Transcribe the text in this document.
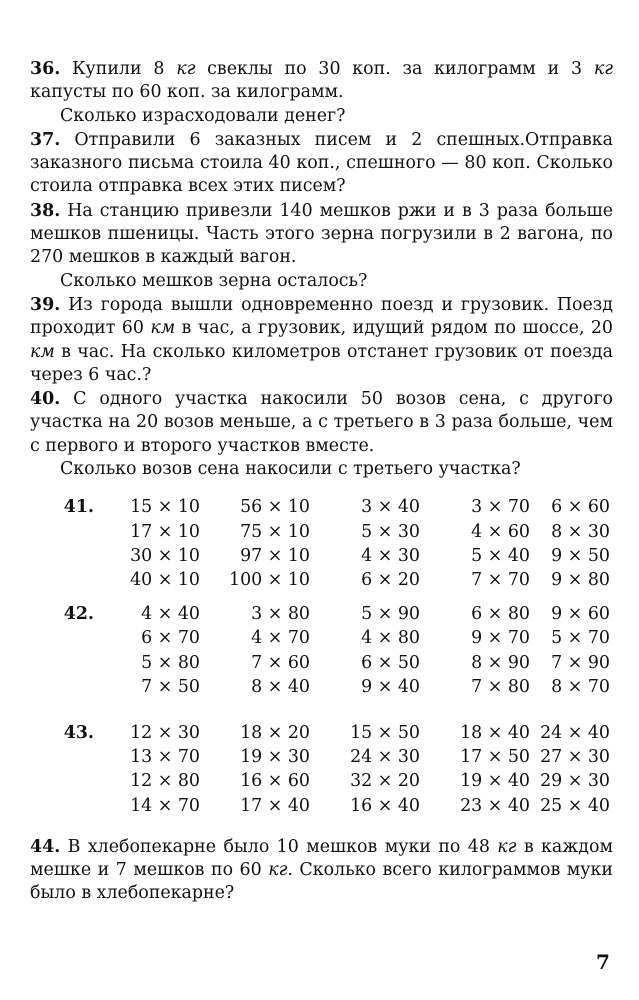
36. Купили 8 кг свеклы по 30 коп. за килограмм и 3 кг капусты по 60 коп. за килограмм.
Сколько израсходовали денег?

37. Отправили 6 заказных писем и 2 спешных.Отправка заказного письма стоила 40 коп., спешного — 80 коп. Сколько стоила отправка всех этих писем?

38. На станцию привезли 140 мешков ржи и в 3 раза больше мешков пшеницы. Часть этого зерна погрузили в 2 вагона, по 270 мешков в каждый вагон.
Сколько мешков зерна осталось?

39. Из города вышли одновременно поезд и грузовик. Поезд проходит 60 км в час, а грузовик, идущий рядом по шоссе, 20 км в час. На сколько километров отстанет грузовик от поезда через 6 час.?

40. С одного участка накосили 50 возов сена, с другого участка на 20 возов меньше, а с третьего в 3 раза больше, чем с первого и второго участков вместе.
Сколько возов сена накосили с третьего участка?

41.	15 × 10	56 × 10	3 × 40	3 × 70	6 × 60
17 × 10	75 × 10	5 × 30	4 × 60	8 × 30
30 × 10	97 × 10	4 × 30	5 × 40	9 × 50
40 × 10	100 × 10	6 × 20	7 × 70	9 × 80
42.	4 × 40	3 × 80	5 × 90	6 × 80	9 × 60
6 × 70	4 × 70	4 × 80	9 × 70	5 × 70
5 × 80	7 × 60	6 × 50	8 × 90	7 × 90
7 × 50	8 × 40	9 × 40	7 × 80	8 × 70
43.	12 × 30	18 × 20	15 × 50	18 × 40 24 × 40
13 × 70	19 × 30	24 × 30	17 × 50 27 × 30
12 × 80	16 × 60	32 × 20	19 × 40 29 × 30
14 × 70	17 × 40	16 × 40	23 × 40 25 × 40

44. В хлебопекарне было 10 мешков муки по 48 кг в каждом мешке и 7 мешков по 60 кг. Сколько всего килограммов муки было в хлебопекарне?

7
